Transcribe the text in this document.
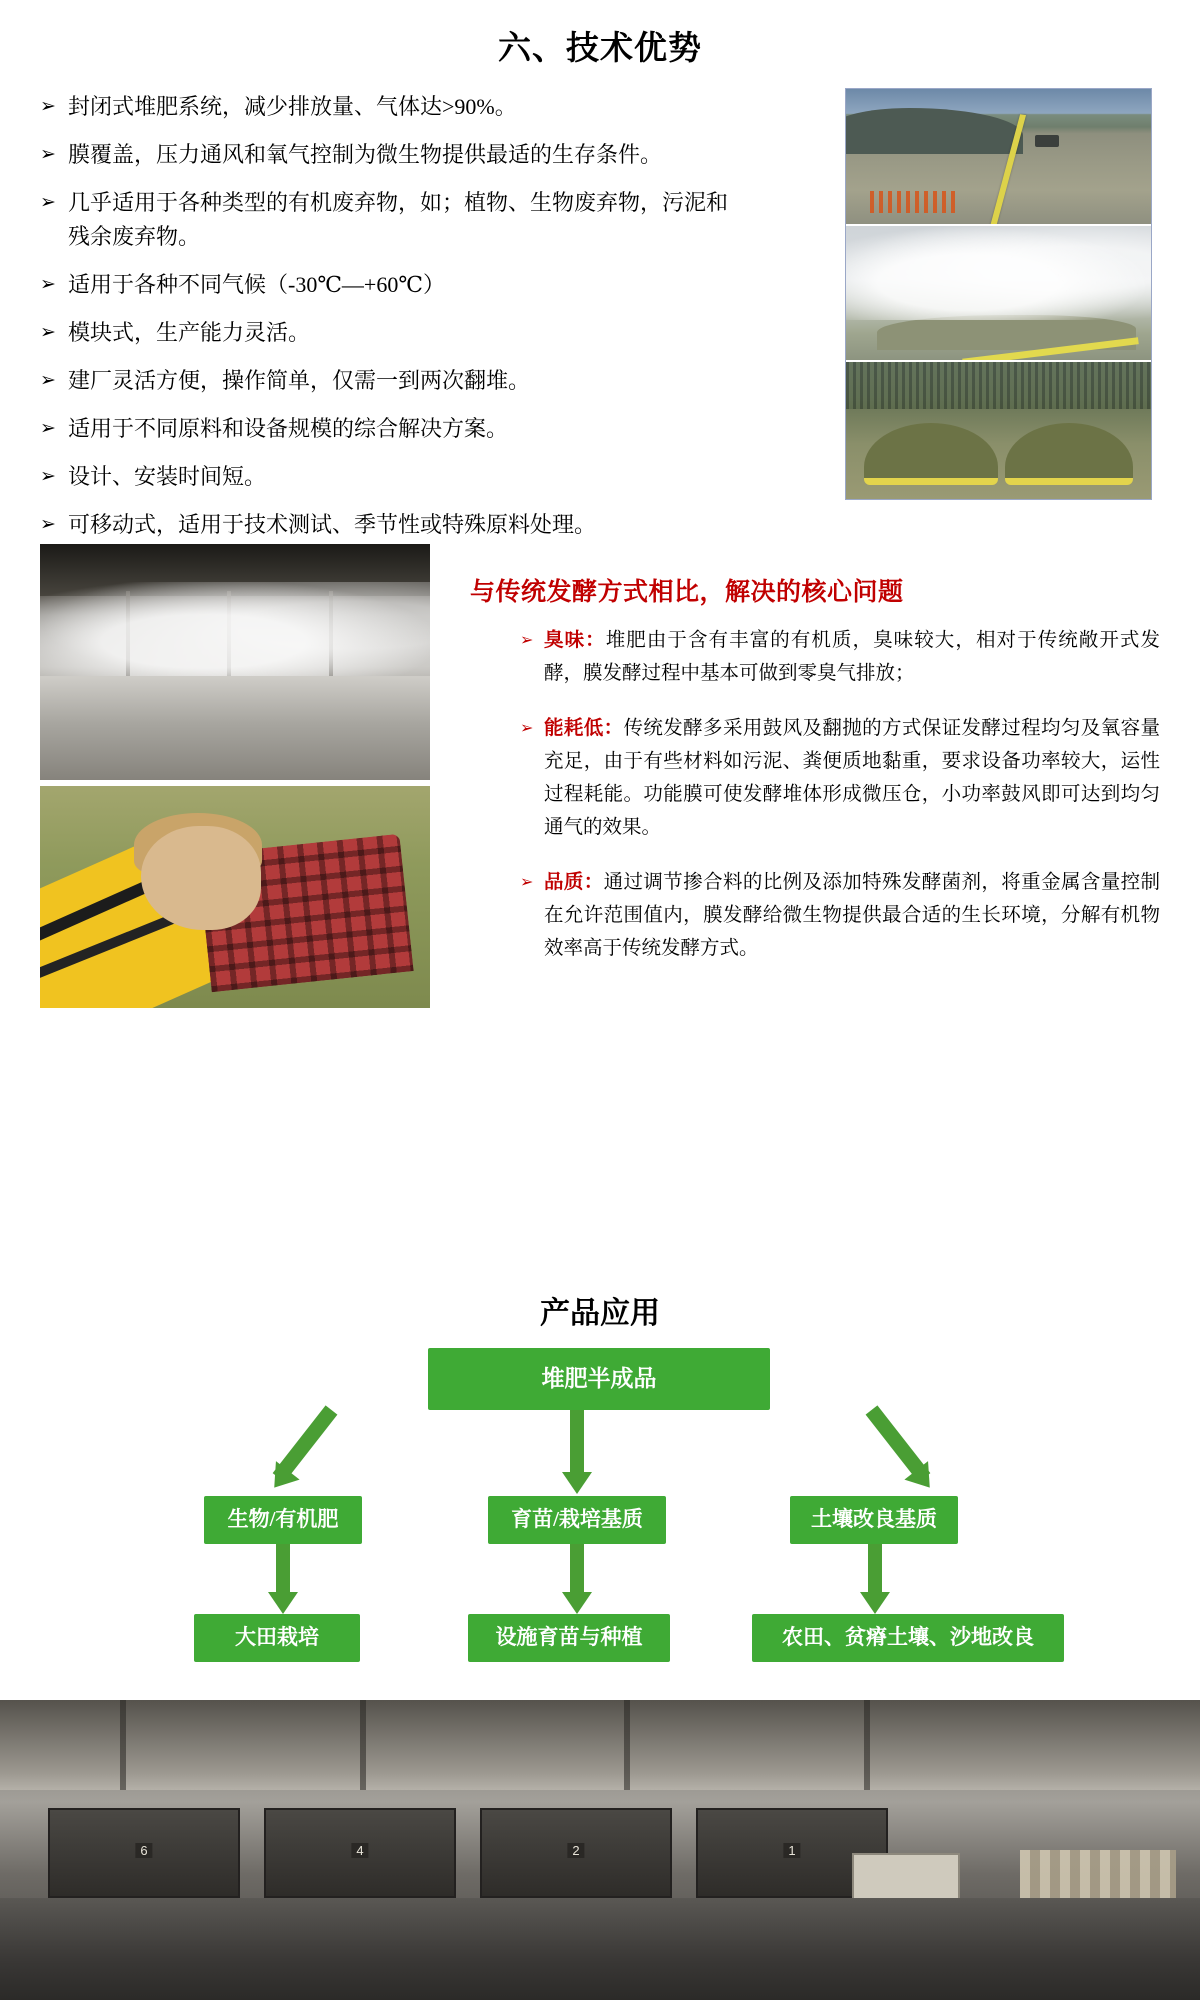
六、技术优势
➢ 封闭式堆肥系统，减少排放量、气体达>90%。
➢ 膜覆盖，压力通风和氧气控制为微生物提供最适的生存条件。
➢ 几乎适用于各种类型的有机废弃物，如；植物、生物废弃物，污泥和残余废弃物。
➢ 适用于各种不同气候（-30℃—+60℃）
➢ 模块式，生产能力灵活。
➢ 建厂灵活方便，操作简单，仅需一到两次翻堆。
➢ 适用于不同原料和设备规模的综合解决方案。
➢ 设计、安装时间短。
➢ 可移动式，适用于技术测试、季节性或特殊原料处理。
与传统发酵方式相比，解决的核心问题
➢ 臭味：堆肥由于含有丰富的有机质，臭味较大，相对于传统敞开式发酵，膜发酵过程中基本可做到零臭气排放；
➢ 能耗低：传统发酵多采用鼓风及翻抛的方式保证发酵过程均匀及氧容量充足，由于有些材料如污泥、粪便质地黏重，要求设备功率较大，运性过程耗能。功能膜可使发酵堆体形成微压仓，小功率鼓风即可达到均匀通气的效果。
➢ 品质：通过调节掺合料的比例及添加特殊发酵菌剂，将重金属含量控制在允许范围值内，膜发酵给微生物提供最合适的生长环境，分解有机物效率高于传统发酵方式。
产品应用
堆肥半成品
生物/有机肥	育苗/栽培基质	土壤改良基质
大田栽培	设施育苗与种植	农田、贫瘠土壤、沙地改良
6	4	2	1
